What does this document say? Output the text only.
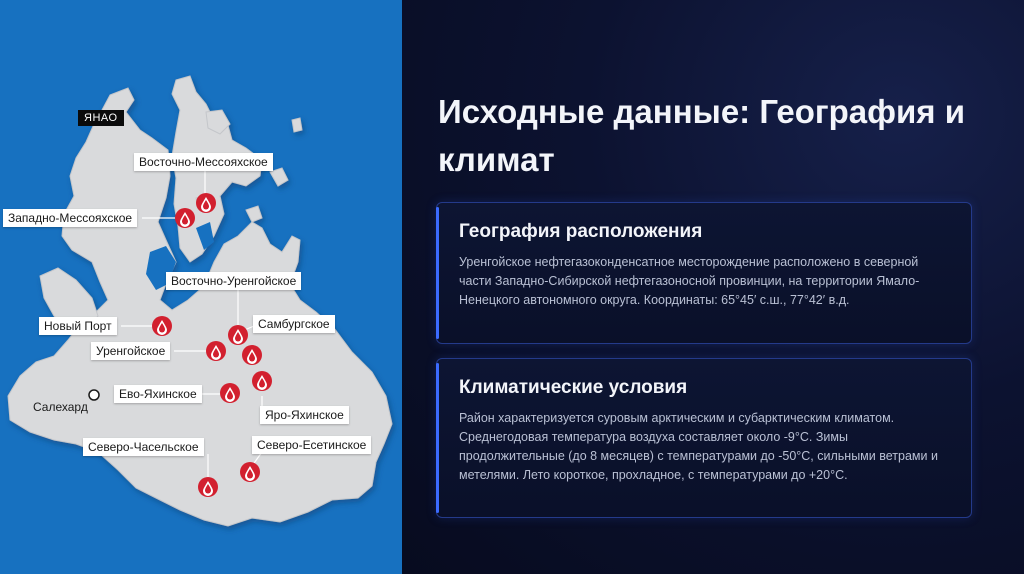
ЯНАО
Восточно-Мессояхское
Западно-Мессояхское
Восточно-Уренгойское
Новый Порт	Самбургское
Уренгойское
Ево-Яхинское
Яро-Яхинское
Северо-Часельское	Северо-Есетинское
Салехард
Исходные данные: География и климат
География расположения

Уренгойское нефтегазоконденсатное месторождение расположено в северной части Западно-Сибирской нефтегазоносной провинции, на территории Ямало-Ненецкого автономного округа. Координаты: 65°45′ с.ш., 77°42′ в.д.

Климатические условия

Район характеризуется суровым арктическим и субарктическим климатом. Среднегодовая температура воздуха составляет около -9°C. Зимы продолжительные (до 8 месяцев) с температурами до -50°C, сильными ветрами и метелями. Лето короткое, прохладное, с температурами до +20°C.
